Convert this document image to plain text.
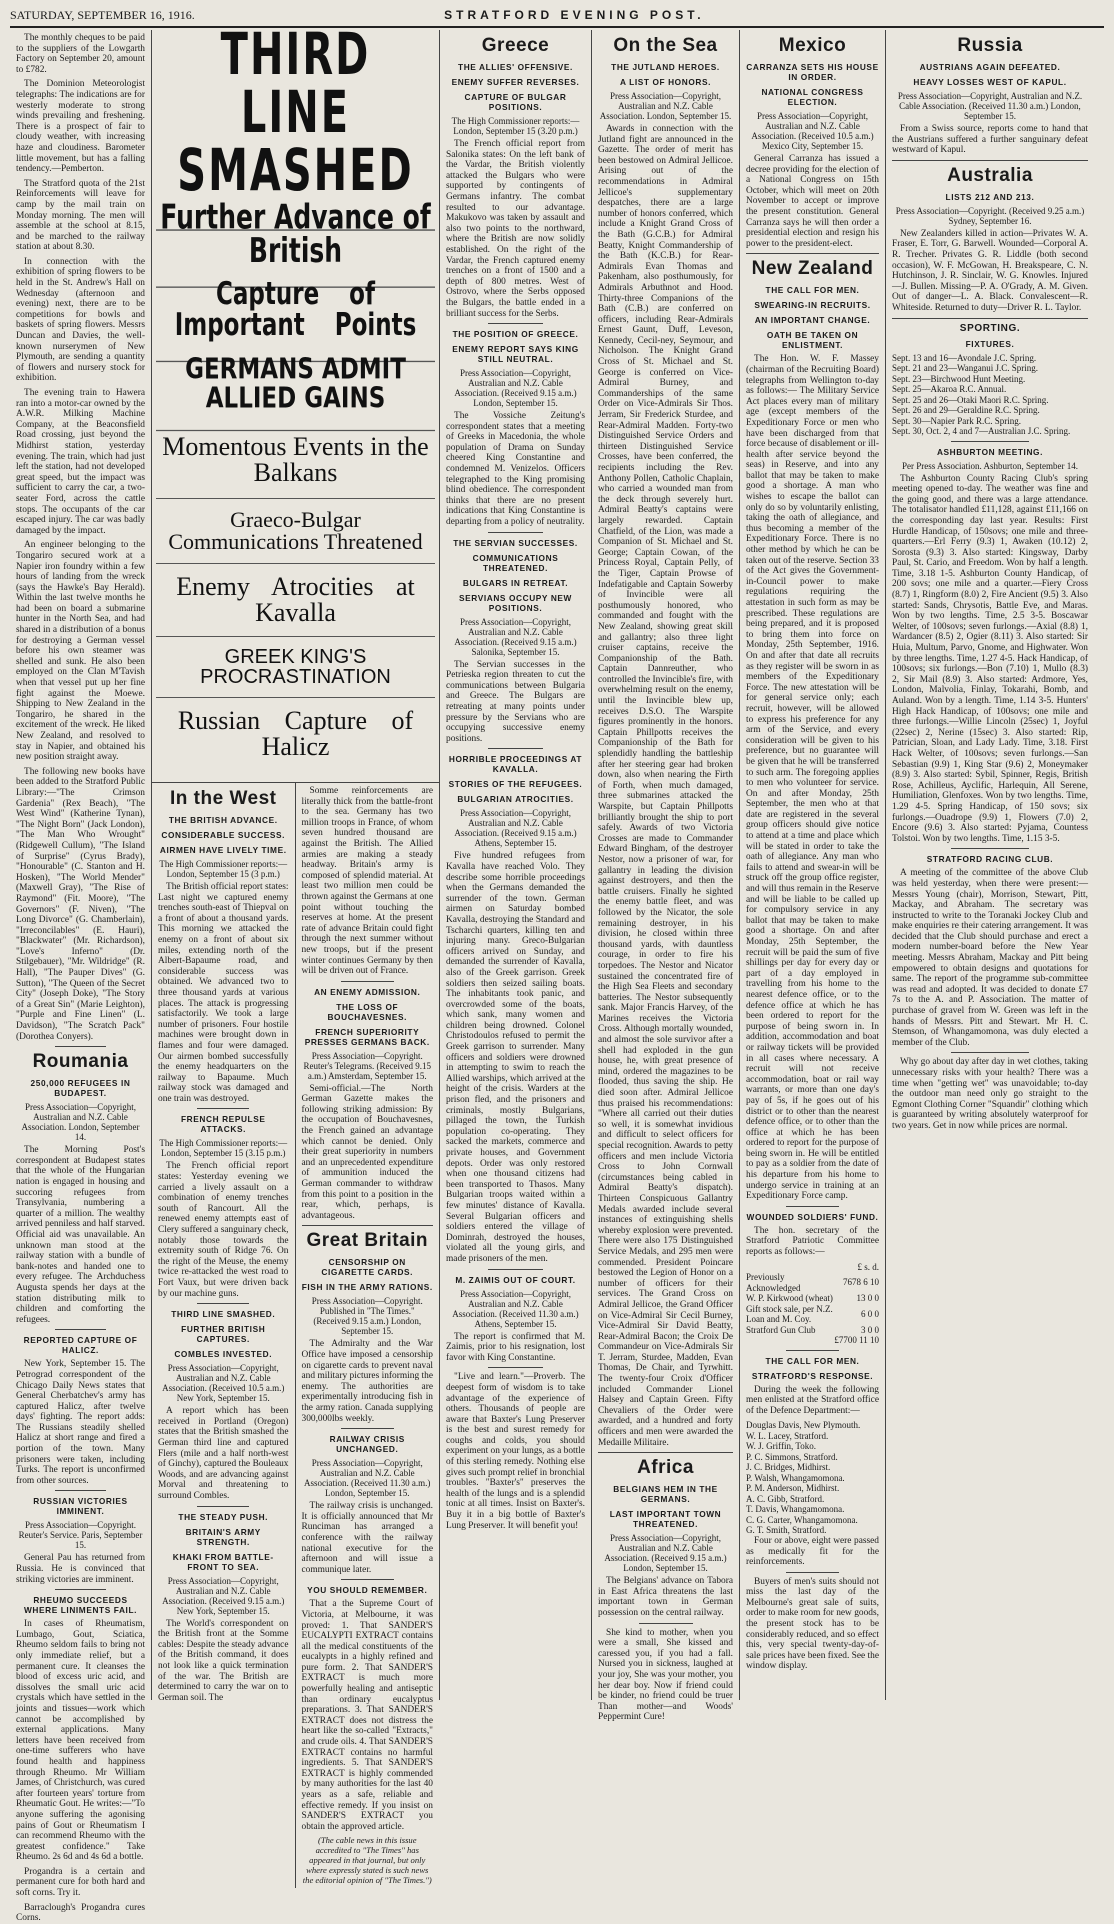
SATURDAY, SEPTEMBER 16, 1916.	STRATFORD EVENING POST.

The monthly cheques to be paid to the suppliers of the Lowgarth Factory on September 20, amount to £782.

The Dominion Meteorologist telegraphs: The indications are for westerly moderate to strong winds prevailing and freshening. There is a prospect of fair to cloudy weather, with increasing haze and cloudiness. Barometer little movement, but has a falling tendency.—Pemberton.

The Stratford quota of the 21st Reinforcements will leave for camp by the mail train on Monday morning. The men will assemble at the school at 8.15, and be marched to the railway station at about 8.30.

In connection with the exhibition of spring flowers to be held in the St. Andrew's Hall on Wednesday (afternoon and evening) next, there are to be competitions for bowls and baskets of spring flowers. Messrs Duncan and Davies, the well-known nurserymen of New Plymouth, are sending a quantity of flowers and nursery stock for exhibition.

The evening train to Hawera ran into a motor-car owned by the A.W.R. Milking Machine Company, at the Beaconsfield Road crossing, just beyond the Midhirst station, yesterday evening. The train, which had just left the station, had not developed great speed, but the impact was sufficient to carry the car, a two-seater Ford, across the cattle stops. The occupants of the car escaped injury. The car was badly damaged by the impact.

An engineer belonging to the Tongariro secured work at a Napier iron foundry within a few hours of landing from the wreck (says the Hawke's Bay Herald). Within the last twelve months he had been on board a submarine hunter in the North Sea, and had shared in a distribution of a bonus for destroying a German vessel before his own steamer was shelled and sunk. He also been employed on the Clan M'Tavish when that vessel put up her fine fight against the Moewe. Shipping to New Zealand in the Tongariro, he shared in the excitement of the wreck. He liked New Zealand, and resolved to stay in Napier, and obtained his new position straight away.

The following new books have been added to the Stratford Public Library:—"The Crimson Gardenia" (Rex Beach), "The West Wind" (Katherine Tynan), "The Night Born" (Jack London), "The Man Who Wrought" (Ridgewell Cullum), "The Island of Surprise" (Cyrus Brady), "Honourable" (C. Stanton and H. Hosken), "The World Mender" (Maxwell Gray), "The Rise of Raymond" (Fit. Moore), "The Governors" (F. Niven), "The Long Divorce" (G. Chamberlain), "Irreconcilables" (E. Hauri), "Blackwater" (Mr. Richardson), "Love's Inferno" (Dr. Stilgebauer), "Mr. Wildridge" (R. Hall), "The Pauper Dives" (G. Sutton), "The Queen of the Secret City" (Joseph Doke), "The Story of a Great Sin" (Marie Leighton), "Purple and Fine Linen" (L. Davidson), "The Scratch Pack" (Dorothea Conyers).

Roumania
250,000 REFUGEES IN BUDAPEST.
Press Association—Copyright, Australian and N.Z. Cable Association. London, September 14.

The Morning Post's correspondent at Budapest states that the whole of the Hungarian nation is engaged in housing and succoring refugees from Transylvania, numbering a quarter of a million. The wealthy arrived penniless and half starved. Official aid was unavailable. An unknown man stood at the railway station with a bundle of bank-notes and handed one to every refugee. The Archduchess Augusta spends her days at the station distributing milk to children and comforting the refugees.

REPORTED CAPTURE OF HALICZ.

New York, September 15. The Petrograd correspondent of the Chicago Daily News states that General Cherbatchev's army has captured Halicz, after twelve days' fighting. The report adds: The Russians steadily shelled Halicz at short range and fired a portion of the town. Many prisoners were taken, including Turks. The report is unconfirmed from other sources.

RUSSIAN VICTORIES IMMINENT.
Press Association—Copyright. Reuter's Service. Paris, September 15.

General Pau has returned from Russia. He is convinced that striking victories are imminent.

RHEUMO SUCCEEDS WHERE LINIMENTS FAIL.

In cases of Rheumatism, Lumbago, Gout, Sciatica, Rheumo seldom fails to bring not only immediate relief, but a permanent cure. It cleanses the blood of excess uric acid, and dissolves the small uric acid crystals which have settled in the joints and tissues—work which cannot be accomplished by external applications. Many letters have been received from one-time sufferers who have found health and happiness through Rheumo. Mr William James, of Christchurch, was cured after fourteen years' torture from Rheumatic Gout. He writes:—"To anyone suffering the agonising pains of Gout or Rheumatism I can recommend Rheumo with the greatest confidence." Take Rheumo. 2s 6d and 4s 6d a bottle.

Progandra is a certain and permanent cure for both hard and soft corns. Try it.

Barraclough's Progandra cures Corns.

THIRD LINE SMASHED
Further Advance of British
Capture of Important Points
GERMANS ADMIT ALLIED GAINS
Momentous Events in the Balkans
Graeco-Bulgar Communications Threatened
Enemy Atrocities at Kavalla
GREEK KING'S PROCRASTINATION
Russian Capture of Halicz
In the West
THE BRITISH ADVANCE.
CONSIDERABLE SUCCESS.
AIRMEN HAVE LIVELY TIME.
The High Commissioner reports:— London, September 15 (3 p.m.)

The British official report states: Last night we captured enemy trenches south-east of Thiepval on a front of about a thousand yards. This morning we attacked the enemy on a front of about six miles, extending north of the Albert-Bapaume road, and considerable success was obtained. We advanced two to three thousand yards at various places. The attack is progressing satisfactorily. We took a large number of prisoners. Four hostile machines were brought down in flames and four were damaged. Our airmen bombed successfully the enemy headquarters on the railway to Bapaume. Much railway stock was damaged and one train was destroyed.

FRENCH REPULSE ATTACKS.
The High Commissioner reports:— London, September 15 (3.15 p.m.)

The French official report states: Yesterday evening we carried a lively assault on a combination of enemy trenches south of Rancourt. All the renewed enemy attempts east of Clery suffered a sanguinary check, notably those towards the extremity south of Ridge 76. On the right of the Meuse, the enemy twice re-attacked the west road to Fort Vaux, but were driven back by our machine guns.

THIRD LINE SMASHED.
FURTHER BRITISH CAPTURES.
COMBLES INVESTED.
Press Association—Copyright, Australian and N.Z. Cable Association. (Received 10.5 a.m.) New York, September 15.

A report which has been received in Portland (Oregon) states that the British smashed the German third line and captured Flers (mile and a half north-west of Ginchy), captured the Bouleaux Woods, and are advancing against Morval and threatening to surround Combles.

THE STEADY PUSH.
BRITAIN'S ARMY STRENGTH.
KHAKI FROM BATTLE-FRONT TO SEA.
Press Association—Copyright, Australian and N.Z. Cable Association. (Received 9.15 a.m.) New York, September 15.

The World's correspondent on the British front at the Somme cables: Despite the steady advance of the British command, it does not look like a quick termination of the war. The British are determined to carry the war on to German soil. The

Somme reinforcements are literally thick from the battle-front to the sea. Germany has two million troops in France, of whom seven hundred thousand are against the British. The Allied armies are making a steady headway. Britain's army is composed of splendid material. At least two million men could be thrown against the Germans at one point without touching the reserves at home. At the present rate of advance Britain could fight through the next summer without new troops, but if the present winter continues Germany by then will be driven out of France.

AN ENEMY ADMISSION.
THE LOSS OF BOUCHAVESNES.
FRENCH SUPERIORITY PRESSES GERMANS BACK.
Press Association—Copyright. Reuter's Telegrams. (Received 9.15 a.m.) Amsterdam, September 15.

Semi-official.—The North German Gazette makes the following striking admission: By the occupation of Bouchavesnes, the French gained an advantage which cannot be denied. Only their great superiority in numbers and an unprecedented expenditure of ammunition induced the German commander to withdraw from this point to a position in the rear, which, perhaps, is advantageous.

Great Britain
CENSORSHIP ON CIGARETTE CARDS.
FISH IN THE ARMY RATIONS.
Press Association—Copyright. Published in "The Times." (Received 9.15 a.m.) London, September 15.

The Admiralty and the War Office have imposed a censorship on cigarette cards to prevent naval and military pictures informing the enemy. The authorities are experimentally introducing fish in the army ration. Canada supplying 300,000lbs weekly.

RAILWAY CRISIS UNCHANGED.
Press Association—Copyright, Australian and N.Z. Cable Association. (Received 11.30 a.m.) London, September 15.

The railway crisis is unchanged. It is officially announced that Mr Runciman has arranged a conference with the railway national executive for the afternoon and will issue a communique later.

YOU SHOULD REMEMBER.

That a the Supreme Court of Victoria, at Melbourne, it was proved: 1. That SANDER'S EUCALYPTI EXTRACT contains all the medical constituents of the eucalypts in a highly refined and pure form. 2. That SANDER'S EXTRACT is much more powerfully healing and antiseptic than ordinary eucalyptus preparations. 3. That SANDER'S EXTRACT does not distress the heart like the so-called "Extracts," and crude oils. 4. That SANDER'S EXTRACT contains no harmful ingredients. 5. That SANDER'S EXTRACT is highly commended by many authorities for the last 40 years as a safe, reliable and effective remedy. If you insist on SANDER'S EXTRACT you obtain the approved article.

(The cable news in this issue accredited to "The Times" has appeared in that journal, but only where expressly stated is such news the editorial opinion of "The Times.")
Greece
THE ALLIES' OFFENSIVE.
ENEMY SUFFER REVERSES.
CAPTURE OF BULGAR POSITIONS.
The High Commissioner reports:— London, September 15 (3.20 p.m.)

The French official report from Salonika states: On the left bank of the Vardar, the British violently attacked the Bulgars who were supported by contingents of Germans infantry. The combat resulted to our advantage. Makukovo was taken by assault and also two points to the northward, where the British are now solidly established. On the right of the Vardar, the French captured enemy trenches on a front of 1500 and a depth of 800 metres. West of Ostrovo, where the Serbs opposed the Bulgars, the battle ended in a brilliant success for the Serbs.

THE POSITION OF GREECE.
ENEMY REPORT SAYS KING STILL NEUTRAL.
Press Association—Copyright, Australian and N.Z. Cable Association. (Received 9.15 a.m.) London, September 15.

The Vossiche Zeitung's correspondent states that a meeting of Greeks in Macedonia, the whole population of Drama on Sunday cheered King Constantine and condemned M. Venizelos. Officers telegraphed to the King promising blind obedience. The correspondent thinks that there are no present indications that King Constantine is departing from a policy of neutrality.

THE SERVIAN SUCCESSES.
COMMUNICATIONS THREATENED.
BULGARS IN RETREAT.
SERVIANS OCCUPY NEW POSITIONS.
Press Association—Copyright, Australian and N.Z. Cable Association. (Received 9.15 a.m.) Salonika, September 15.

The Servian successes in the Petrieska region threaten to cut the communications between Bulgaria and Greece. The Bulgars are retreating at many points under pressure by the Servians who are occupying successive enemy positions.

HORRIBLE PROCEEDINGS AT KAVALLA.
STORIES OF THE REFUGEES.
BULGARIAN ATROCITIES.
Press Association—Copyright, Australian and N.Z. Cable Association. (Received 9.15 a.m.) Athens, September 15.

Five hundred refugees from Kavalla have reached Volo. They describe some horrible proceedings when the Germans demanded the surrender of the town. German airmen on Saturday bombed Kavalla, destroying the Standard and Tscharchi quarters, killing ten and injuring many. Greco-Bulgarian officers arrived on Sunday, and demanded the surrender of Kavalla, also of the Greek garrison. Greek soldiers then seized sailing boats. The inhabitants took panic, and overcrowded some of the boats, which sank, many women and children being drowned. Colonel Christodoulos refused to permit the Greek garrison to surrender. Many officers and soldiers were drowned in attempting to swim to reach the Allied warships, which arrived at the height of the crisis. Warders at the prison fled, and the prisoners and criminals, mostly Bulgarians, pillaged the town, the Turkish population co-operating. They sacked the markets, commerce and private houses, and Government depots. Order was only restored when one thousand citizens had been transported to Thasos. Many Bulgarian troops waited within a few minutes' distance of Kavalla. Several Bulgarian officers and soldiers entered the village of Dominrah, destroyed the houses, violated all the young girls, and made prisoners of the men.

M. ZAIMIS OUT OF COURT.
Press Association—Copyright, Australian and N.Z. Cable Association. (Received 11.30 a.m.) Athens, September 15.

The report is confirmed that M. Zaimis, prior to his resignation, lost favor with King Constantine.

"Live and learn."—Proverb. The deepest form of wisdom is to take advantage of the experience of others. Thousands of people are aware that Baxter's Lung Preserver is the best and surest remedy for coughs and colds, you should experiment on your lungs, as a bottle of this sterling remedy. Nothing else gives such prompt relief in bronchial troubles. "Baxter's" preserves the health of the lungs and is a splendid tonic at all times. Insist on Baxter's. Buy it in a big bottle of Baxter's Lung Preserver. It will benefit you!

On the Sea
THE JUTLAND HEROES.
A LIST OF HONORS.
Press Association—Copyright, Australian and N.Z. Cable Association. London, September 15.

Awards in connection with the Jutland fight are announced in the Gazette. The order of merit has been bestowed on Admiral Jellicoe. Arising out of the recommendations in Admiral Jellicoe's supplementary despatches, there are a large number of honors conferred, which include a Knight Grand Cross of the Bath (G.C.B.) for Admiral Beatty, Knight Commandership of the Bath (K.C.B.) for Rear-Admirals Evan Thomas and Pakenham, also posthumously, for Admirals Arbuthnot and Hood. Thirty-three Companions of the Bath (C.B.) are conferred on officers, including Rear-Admirals Ernest Gaunt, Duff, Leveson, Kennedy, Cecil-ney, Seymour, and Nicholson. The Knight Grand Cross of St. Michael and St. George is conferred on Vice-Admiral Burney, and Commanderships of the same Order on Vice-Admirals Sir Thos. Jerram, Sir Frederick Sturdee, and Rear-Admiral Madden. Forty-two Distinguished Service Orders and thirteen Distinguished Service Crosses, have been conferred, the recipients including the Rev. Anthony Pollen, Catholic Chaplain, who carried a wounded man from the deck through severely hurt. Admiral Beatty's captains were largely rewarded. Captain Chatfield, of the Lion, was made a Companion of St. Michael and St. George; Captain Cowan, of the Princess Royal, Captain Pelly, of the Tiger, Captain Prowse of Indefatigable and Captain Sowerby of Invincible were all posthumously honored, who commanded and fought with the New Zealand, showing great skill and gallantry; also three light cruiser captains, receive the Companionship of the Bath. Captain Dannreuther, who controlled the Invincible's fire, with overwhelming result on the enemy, until the Invincible blew up, receives D.S.O. The Warspite figures prominently in the honors. Captain Phillpotts receives the Companionship of the Bath for splendidly handling the battleship after her steering gear had broken down, also when nearing the Firth of Forth, when much damaged, three submarines attacked the Warspite, but Captain Phillpotts brilliantly brought the ship to port safely. Awards of two Victoria Crosses are made to Commander Edward Bingham, of the destroyer Nestor, now a prisoner of war, for gallantry in leading the division against destroyers, and then the battle cruisers. Finally he sighted the enemy battle fleet, and was followed by the Nicator, the sole remaining destroyer, in his division, he closed within three thousand yards, with dauntless courage, in order to fire his torpedoes. The Nestor and Nicator sustained the concentrated fire of the High Sea Fleets and secondary batteries. The Nestor subsequently sank. Major Francis Harvey, of the Marines receives the Victoria Cross. Although mortally wounded, and almost the sole survivor after a shell had exploded in the gun house, he, with great presence of mind, ordered the magazines to be flooded, thus saving the ship. He died soon after. Admiral Jellicoe thus praised his recommendations: "Where all carried out their duties so well, it is somewhat invidious and difficult to select officers for special recognition. Awards to petty officers and men include Victoria Cross to John Cornwall (circumstances being cabled in Admiral Beatty's dispatch). Thirteen Conspicuous Gallantry Medals awarded include several instances of extinguishing shells whereby explosion were prevented. There were also 175 Distinguished Service Medals, and 295 men were commended. President Poincare bestowed the Legion of Honor on a number of officers for their services. The Grand Cross on Admiral Jellicoe, the Grand Officer on Vice-Admiral Sir Cecil Burney, Vice-Admiral Sir David Beatty, Rear-Admiral Bacon; the Croix De Commandeur on Vice-Admirals Sir T. Jerram, Sturdee, Madden, Evan Thomas, De Chair, and Tyrwhitt. The twenty-four Croix d'Officer included Commander Lionel Halsey and Captain Green. Fifty Chevaliers of the Order were awarded, and a hundred and forty officers and men were awarded the Medaille Militaire.

Africa
BELGIANS HEM IN THE GERMANS.
LAST IMPORTANT TOWN THREATENED.
Press Association—Copyright, Australian and N.Z. Cable Association. (Received 9.15 a.m.) London, September 15.

The Belgians' advance on Tabora in East Africa threatens the last important town in German possession on the central railway.

She kind to mother, when you were a small, She kissed and caressed you, if you had a fall. Nursed you in sickness, laughed at your joy, She was your mother, you her dear boy. Now if friend could be kinder, no friend could be truer Than mother—and Woods' Peppermint Cure!

Mexico
CARRANZA SETS HIS HOUSE IN ORDER.
NATIONAL CONGRESS ELECTION.
Press Association—Copyright, Australian and N.Z. Cable Association. (Received 10.5 a.m.) Mexico City, September 15.

General Carranza has issued a decree providing for the election of a National Congress on 15th October, which will meet on 20th November to accept or improve the present constitution. General Carranza says he will then order a presidential election and resign his power to the president-elect.

New Zealand
THE CALL FOR MEN.
SWEARING-IN RECRUITS.
AN IMPORTANT CHANGE.
OATH BE TAKEN ON ENLISTMENT.

The Hon. W. F. Massey (chairman of the Recruiting Board) telegraphs from Wellington to-day as follows:— The Military Service Act places every man of military age (except members of the Expeditionary Force or men who have been discharged from that force because of disablement or ill-health after service beyond the seas) in Reserve, and into any ballot that may be taken to make good a shortage. A man who wishes to escape the ballot can only do so by voluntarily enlisting, taking the oath of allegiance, and thus becoming a member of the Expeditionary Force. There is no other method by which he can be taken out of the reserve. Section 33 of the Act gives the Government-in-Council power to make regulations requiring the attestation in such form as may be prescribed. These regulations are being prepared, and it is proposed to bring them into force on Monday, 25th September, 1916. On and after that date all recruits as they register will be sworn in as members of the Expeditionary Force. The new attestation will be for general service only; each recruit, however, will be allowed to express his preference for any arm of the Service, and every consideration will be given to his preference, but no guarantee will be given that he will be transferred to such arm. The foregoing applies to men who volunteer for service. On and after Monday, 25th September, the men who at that date are registered in the several group officers should give notice to attend at a time and place which will be stated in order to take the oath of allegiance. Any man who fails to attend and swear-in will be struck off the group office register, and will thus remain in the Reserve and will be liable to be called up for compulsory service in any ballot that may be taken to make good a shortage. On and after Monday, 25th September, the recruit will be paid the sum of five shillings per day for every day or part of a day employed in travelling from his home to the nearest defence office, or to the defence office at which he has been ordered to report for the purpose of being sworn in. In addition, accommodation and boat or railway tickets will be provided in all cases where necessary. A recruit will not receive accommodation, boat or rail way warrants, or more than one day's pay of 5s, if he goes out of his district or to other than the nearest defence office, or to other than the office at which he has been ordered to report for the purpose of being sworn in. He will be entitled to pay as a soldier from the date of his departure from his home to undergo service in training at an Expeditionary Force camp.

WOUNDED SOLDIERS' FUND.

The hon. secretary of the Stratford Patriotic Committee reports as follows:—

	£ s. d.
Previously Acknowledged	7678 6 10
W. P. Kirkwood (wheat)	13 0 0
Gift stock sale, per N.Z. Loan and M. Coy.	6 0 0
Stratford Gun Club	3 0 0
	£7700 11 10
THE CALL FOR MEN.
STRATFORD'S RESPONSE.

During the week the following men enlisted at the Stratford office of the Defence Department:—

Douglas Davis, New Plymouth.
W. L. Lacey, Stratford.
W. J. Griffin, Toko.
P. C. Simmons, Stratford.
J. C. Bridges, Midhirst.
P. Walsh, Whangamomona.
P. M. Anderson, Midhirst.
A. C. Gibb, Stratford.
T. Davis, Whangamomona.
C. G. Carter, Whangamomona.
G. T. Smith, Stratford.

Four or above, eight were passed as medically fit for the reinforcements.

Buyers of men's suits should not miss the last day of the Melbourne's great sale of suits, order to make room for new goods, the present stock has to be considerably reduced, and so effect this, very special twenty-day-of-sale prices have been fixed. See the window display.

Russia
AUSTRIANS AGAIN DEFEATED.
HEAVY LOSSES WEST OF KAPUL.
Press Association—Copyright, Australian and N.Z. Cable Association. (Received 11.30 a.m.) London, September 15.

From a Swiss source, reports come to hand that the Austrians suffered a further sanguinary defeat westward of Kapul.

Australia
LISTS 212 AND 213.
Press Association—Copyright. (Received 9.25 a.m.) Sydney, September 16.

New Zealanders killed in action—Privates W. A. Fraser, E. Torr, G. Barwell. Wounded—Corporal A. R. Trecher. Privates G. R. Liddle (both second occasion), W. F. McGowan, H. Breakspeare, C. N. Hutchinson, J. R. Sinclair, W. G. Knowles. Injured—J. Bullen. Missing—P. A. O'Grady, A. M. Given. Out of danger—L. A. Black. Convalescent—R. Whiteside. Returned to duty—Driver R. L. Taylor.

SPORTING.
FIXTURES.
Sept. 13 and 16—Avondale J.C. Spring.
Sept. 21 and 23—Wanganui J.C. Spring.
Sept. 23—Birchwood Hunt Meeting.
Sept. 25—Akaroa R.C. Annual.
Sept. 25 and 26—Otaki Maori R.C. Spring.
Sept. 26 and 29—Geraldine R.C. Spring.
Sept. 30—Napier Park R.C. Spring.
Sept. 30, Oct. 2, 4 and 7—Australian J.C. Spring.
ASHBURTON MEETING.
Per Press Association. Ashburton, September 14.

The Ashburton County Racing Club's spring meeting opened to-day. The weather was fine and the going good, and there was a large attendance. The totalisator handled £11,128, against £11,166 on the corresponding day last year. Results: First Hurdle Handicap, of 150sovs; one mile and three-quarters.—Erl Ferry (9.3) 1, Awaken (10.12) 2, Sorosta (9.3) 3. Also started: Kingsway, Darby Paul, St. Cario, and Freedom. Won by half a length. Time, 3.18 1-5. Ashburton County Handicap, of 200 sovs; one mile and a quarter.—Fiery Cross (8.7) 1, Ringform (8.0) 2, Fire Ancient (9.5) 3. Also started: Sands, Chrysotis, Battle Eve, and Maras. Won by two lengths. Time, 2.5 3-5. Boscawar Welter, of 100sovs; seven furlongs.—Axial (8.8) 1, Wardancer (8.5) 2, Ogier (8.11) 3. Also started: Sir Huia, Multum, Parvo, Gnome, and Highwater. Won by three lengths. Time, 1.27 4-5. Hack Handicap, of 100sovs; six furlongs.—Bon (7.10) 1, Mullo (8.3) 2, Sir Mail (8.9) 3. Also started: Ardmore, Yes, London, Malvolia, Finlay, Tokarahi, Bomb, and Auland. Won by a length. Time, 1.14 3-5. Hunters' High Hack Handicap, of 100sovs; one mile and three furlongs.—Willie Lincoln (25sec) 1, Joyful (22sec) 2, Nerine (15sec) 3. Also started: Rip, Patrician, Sloan, and Lady Lady. Time, 3.18. First Hack Welter, of 100sovs; seven furlongs.—San Sebastian (9.9) 1, King Star (9.6) 2, Moneymaker (8.9) 3. Also started: Sybil, Spinner, Regis, British Rose, Achilleus, Ayclific, Harlequin, All Serene, Humiliation, Glenfoxes. Won by two lengths. Time, 1.29 4-5. Spring Handicap, of 150 sovs; six furlongs.—Ouadrope (9.9) 1, Flowers (7.0) 2, Encore (9.6) 3. Also started: Pyjama, Countess Tolstoi. Won by two lengths. Time, 1.15 3-5.

STRATFORD RACING CLUB.

A meeting of the committee of the above Club was held yesterday, when there were present:—Messrs Young (chair), Morrison, Stewart, Pitt, Mackay, and Abraham. The secretary was instructed to write to the Toranaki Jockey Club and make enquiries re their catering arrangement. It was decided that the Club should purchase and erect a modern number-board before the New Year meeting. Messrs Abraham, Mackay and Pitt being empowered to obtain designs and quotations for same. The report of the programme sub-committee was read and adopted. It was decided to donate £7 7s to the A. and P. Association. The matter of purchase of gravel from W. Green was left in the hands of Messrs. Pitt and Stewart. Mr H. C. Stemson, of Whangamomona, was duly elected a member of the Club.

Why go about day after day in wet clothes, taking unnecessary risks with your health? There was a time when "getting wet" was unavoidable; to-day the outdoor man need only go straight to the Egmont Clothing Corner "Squandir" clothing which is guaranteed by writing absolutely waterproof for two years. Get in now while prices are normal.
